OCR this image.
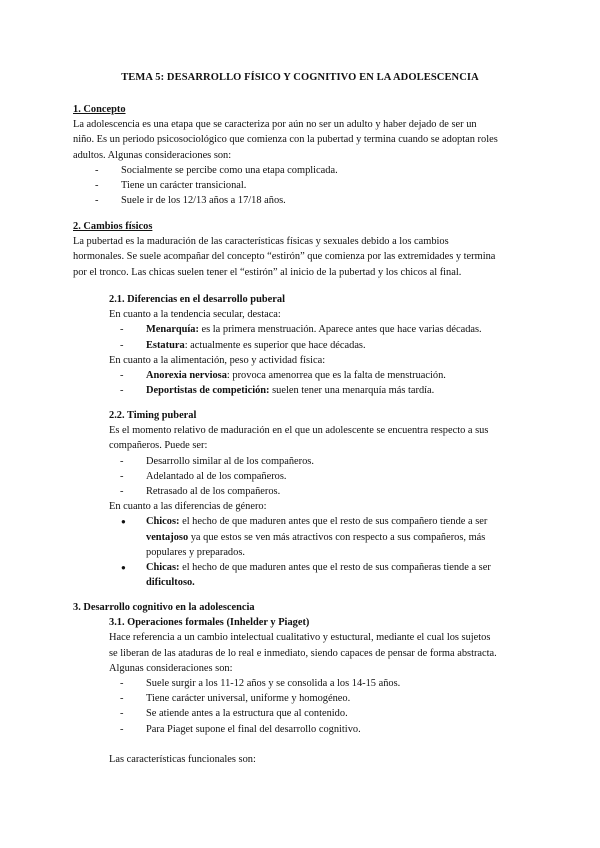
TEMA 5: DESARROLLO FÍSICO Y COGNITIVO EN LA ADOLESCENCIA

1. Concepto

La adolescencia es una etapa que se caracteriza por aún no ser un adulto y haber dejado de ser un

niño. Es un periodo psicosociológico que comienza con la pubertad y termina cuando se adoptan roles

adultos. Algunas consideraciones son:

- Socialmente se percibe como una etapa complicada.
- Tiene un carácter transicional.
- Suele ir de los 12/13 años a 17/18 años.

2. Cambios físicos

La pubertad es la maduración de las características físicas y sexuales debido a los cambios

hormonales. Se suele acompañar del concepto “estirón” que comienza por las extremidades y termina

por el tronco. Las chicas suelen tener el “estirón” al inicio de la pubertad y los chicos al final.

2.1. Diferencias en el desarrollo puberal

En cuanto a la tendencia secular, destaca:

- Menarquía: es la primera menstruación. Aparece antes que hace varias décadas.
- Estatura: actualmente es superior que hace décadas.

En cuanto a la alimentación, peso y actividad física:

- Anorexia nerviosa: provoca amenorrea que es la falta de menstruación.
- Deportistas de competición: suelen tener una menarquía más tardía.

2.2. Timing puberal

Es el momento relativo de maduración en el que un adolescente se encuentra respecto a sus

compañeros. Puede ser:

- Desarrollo similar al de los compañeros.
- Adelantado al de los compañeros.
- Retrasado al de los compañeros.

En cuanto a las diferencias de género:

● Chicos: el hecho de que maduren antes que el resto de sus compañero tiende a ser
ventajoso ya que estos se ven más atractivos con respecto a sus compañeros, más
populares y preparados.
● Chicas: el hecho de que maduren antes que el resto de sus compañeras tiende a ser
dificultoso.

3. Desarrollo cognitivo en la adolescencia

3.1. Operaciones formales (Inhelder y Piaget)

Hace referencia a un cambio intelectual cualitativo y estuctural, mediante el cual los sujetos

se liberan de las ataduras de lo real e inmediato, siendo capaces de pensar de forma abstracta.

Algunas consideraciones son:

- Suele surgir a los 11-12 años y se consolida a los 14-15 años.
- Tiene carácter universal, uniforme y homogéneo.
- Se atiende antes a la estructura que al contenido.
- Para Piaget supone el final del desarrollo cognitivo.

Las características funcionales son:
